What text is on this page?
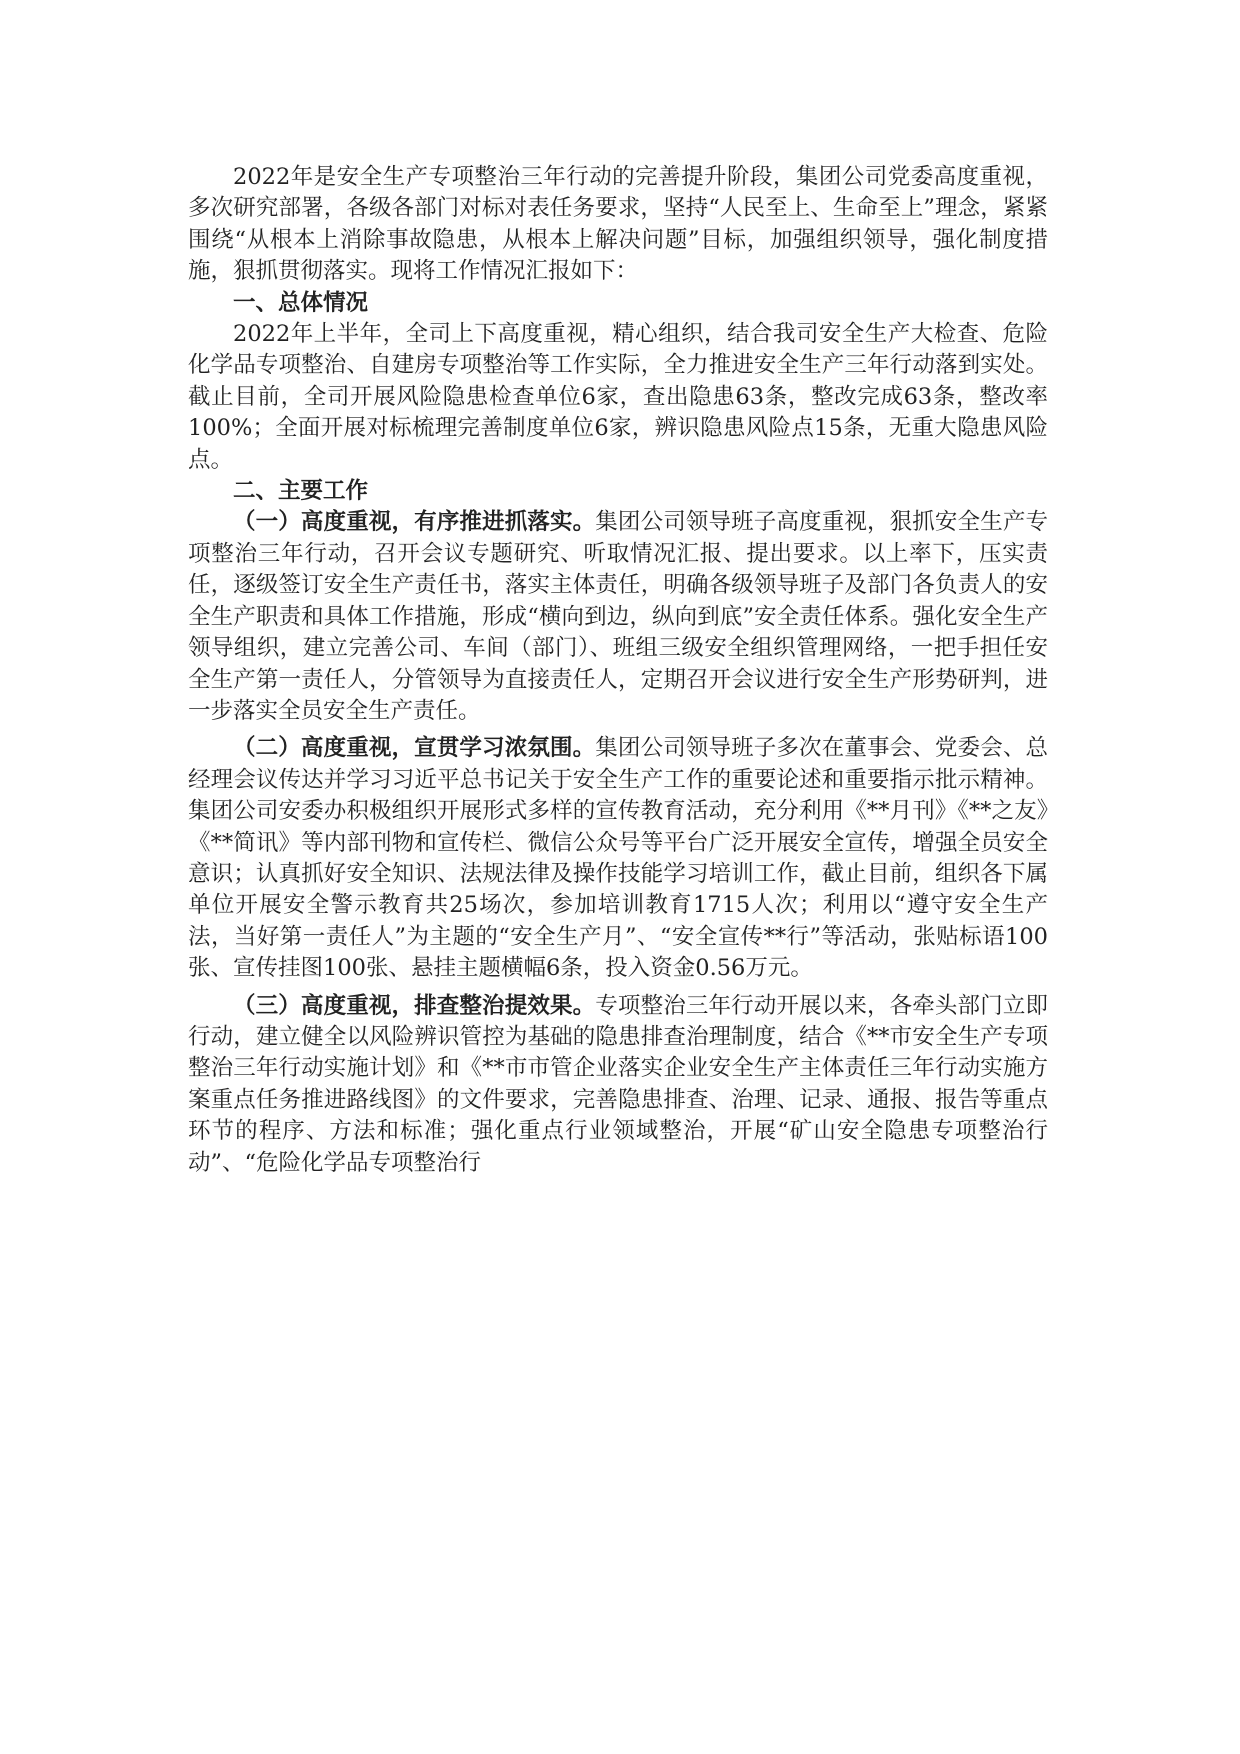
2022年是安全生产专项整治三年行动的完善提升阶段，集团公司党委高度重视，多次研究部署，各级各部门对标对表任务要求，坚持“人民至上、生命至上”理念，紧紧围绕“从根本上消除事故隐患，从根本上解决问题”目标，加强组织领导，强化制度措施，狠抓贯彻落实。现将工作情况汇报如下：

一、总体情况

2022年上半年，全司上下高度重视，精心组织，结合我司安全生产大检查、危险化学品专项整治、自建房专项整治等工作实际，全力推进安全生产三年行动落到实处。截止目前，全司开展风险隐患检查单位6家，查出隐患63条，整改完成63条，整改率100%；全面开展对标梳理完善制度单位6家，辨识隐患风险点15条，无重大隐患风险点。

二、主要工作

（一）高度重视，有序推进抓落实。集团公司领导班子高度重视，狠抓安全生产专项整治三年行动，召开会议专题研究、听取情况汇报、提出要求。以上率下，压实责任，逐级签订安全生产责任书，落实主体责任，明确各级领导班子及部门各负责人的安全生产职责和具体工作措施，形成“横向到边，纵向到底”安全责任体系。强化安全生产领导组织，建立完善公司、车间（部门）、班组三级安全组织管理网络，一把手担任安全生产第一责任人，分管领导为直接责任人，定期召开会议进行安全生产形势研判，进一步落实全员安全生产责任。

（二）高度重视，宣贯学习浓氛围。集团公司领导班子多次在董事会、党委会、总经理会议传达并学习习近平总书记关于安全生产工作的重要论述和重要指示批示精神。集团公司安委办积极组织开展形式多样的宣传教育活动，充分利用《**月刊》《**之友》《**简讯》等内部刊物和宣传栏、微信公众号等平台广泛开展安全宣传，增强全员安全意识；认真抓好安全知识、法规法律及操作技能学习培训工作，截止目前，组织各下属单位开展安全警示教育共25场次，参加培训教育1715人次；利用以“遵守安全生产法，当好第一责任人”为主题的“安全生产月”、“安全宣传**行”等活动，张贴标语100张、宣传挂图100张、悬挂主题横幅6条，投入资金0.56万元。

（三）高度重视，排查整治提效果。专项整治三年行动开展以来，各牵头部门立即行动，建立健全以风险辨识管控为基础的隐患排查治理制度，结合《**市安全生产专项整治三年行动实施计划》和《**市市管企业落实企业安全生产主体责任三年行动实施方案重点任务推进路线图》的文件要求，完善隐患排查、治理、记录、通报、报告等重点环节的程序、方法和标准；强化重点行业领域整治，开展“矿山安全隐患专项整治行动”、“危险化学品专项整治行
